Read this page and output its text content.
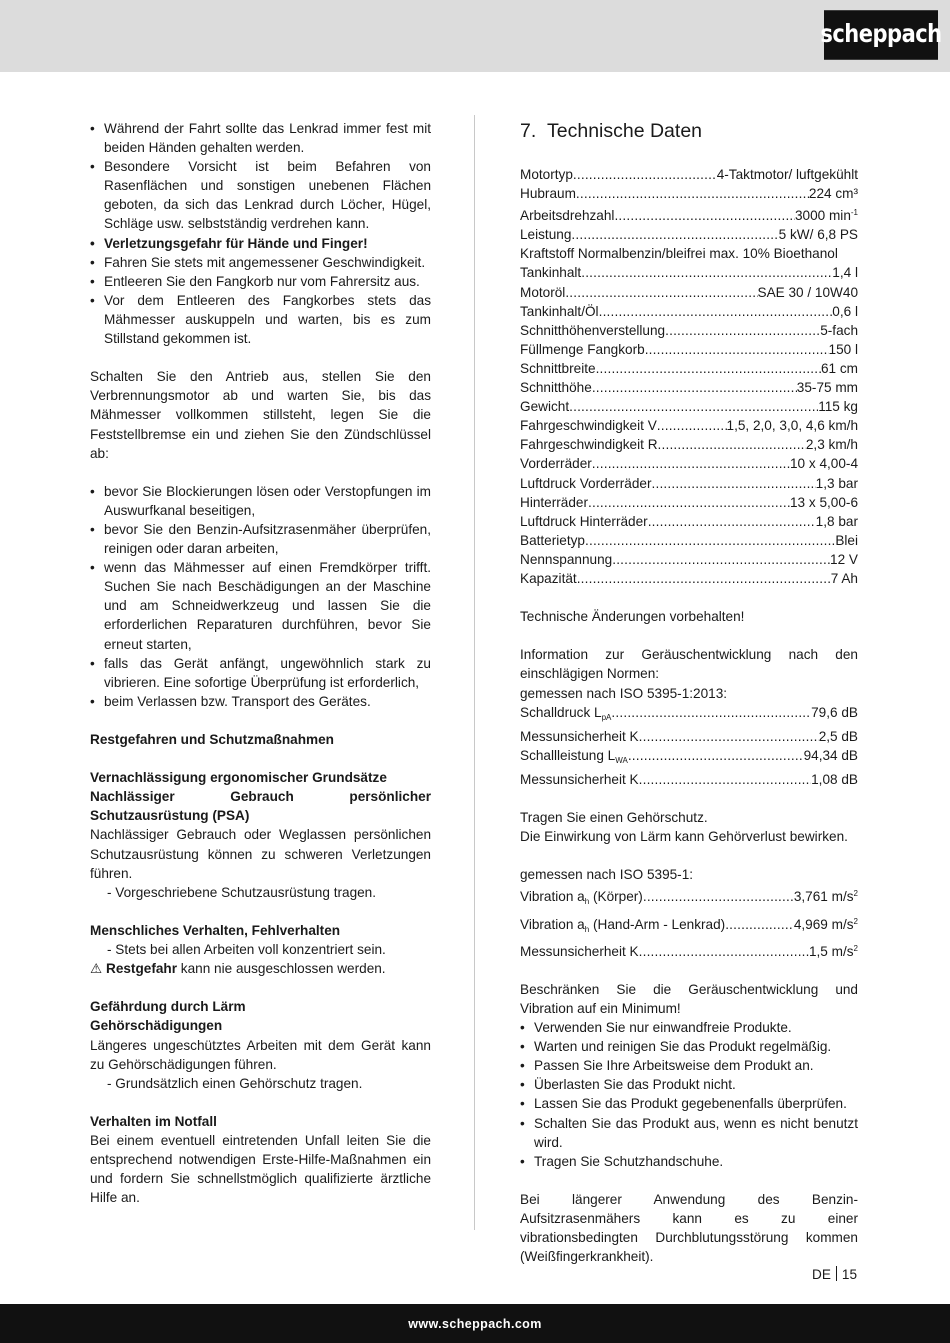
scheppach
• Während der Fahrt sollte das Lenkrad immer fest mit beiden Händen gehalten werden.
• Besondere Vorsicht ist beim Befahren von Rasenflächen und sonstigen unebenen Flächen geboten, da sich das Lenkrad durch Löcher, Hügel, Schläge usw. selbstständig verdrehen kann.
• Verletzungsgefahr für Hände und Finger!
• Fahren Sie stets mit angemessener Geschwindigkeit.
• Entleeren Sie den Fangkorb nur vom Fahrersitz aus.
• Vor dem Entleeren des Fangkorbes stets das Mähmesser auskuppeln und warten, bis es zum Stillstand gekommen ist.

Schalten Sie den Antrieb aus, stellen Sie den Verbrennungsmotor ab und warten Sie, bis das Mähmesser vollkommen stillsteht, legen Sie die Feststellbremse ein und ziehen Sie den Zündschlüssel ab:

• bevor Sie Blockierungen lösen oder Verstopfungen im Auswurfkanal beseitigen,
• bevor Sie den Benzin-Aufsitzrasenmäher überprüfen, reinigen oder daran arbeiten,
• wenn das Mähmesser auf einen Fremdkörper trifft. Suchen Sie nach Beschädigungen an der Maschine und am Schneidwerkzeug und lassen Sie die erforderlichen Reparaturen durchführen, bevor Sie erneut starten,
• falls das Gerät anfängt, ungewöhnlich stark zu vibrieren. Eine sofortige Überprüfung ist erforderlich,
• beim Verlassen bzw. Transport des Gerätes.

Restgefahren und Schutzmaßnahmen

Vernachlässigung ergonomischer Grundsätze

Nachlässiger Gebrauch persönlicher Schutzausrüstung (PSA)

Nachlässiger Gebrauch oder Weglassen persönlichen Schutzausrüstung können zu schweren Verletzungen führen.

- Vorgeschriebene Schutzausrüstung tragen.

Menschliches Verhalten, Fehlverhalten

- Stets bei allen Arbeiten voll konzentriert sein.

⚠ Restgefahr kann nie ausgeschlossen werden.

Gefährdung durch Lärm

Gehörschädigungen

Längeres ungeschütztes Arbeiten mit dem Gerät kann zu Gehörschädigungen führen.

- Grundsätzlich einen Gehörschutz tragen.

Verhalten im Notfall

Bei einem eventuell eintretenden Unfall leiten Sie die entsprechend notwendigen Erste-Hilfe-Maßnahmen ein und fordern Sie schnellstmöglich qualifizierte ärztliche Hilfe an.

7. Technische Daten
Motortyp .....	4-Taktmotor/ luftgekühlt
Hubraum .....	224 cm³
Arbeitsdrehzahl .....	3000 $\min^{-1}$
Leistung .....	5 kW/ 6,8 PS

Kraftstoff Normalbenzin/bleifrei max. 10% Bioethanol

Tankinhalt .....	1,4 l
Motoröl .....	SAE 30 / 10W40
Tankinhalt/Öl .....	0,6 l
Schnitthöhenverstellung .....	5-fach
Füllmenge Fangkorb .....	150 l
Schnittbreite .....	61 cm
Schnitthöhe .....	35-75 mm
Gewicht .....	115 kg
Fahrgeschwindigkeit V .....	1,5, 2,0, 3,0, 4,6 km/h
Fahrgeschwindigkeit R .....	2,3 km/h
Vorderräder .....	10 x 4,00-4
Luftdruck Vorderräder .....	1,3 bar
Hinterräder .....	13 x 5,00-6
Luftdruck Hinterräder .....	1,8 bar
Batterietyp .....	Blei
Nennspannung .....	12 V
Kapazität .....	7 Ah

Technische Änderungen vorbehalten!

Information zur Geräuschentwicklung nach den einschlägigen Normen:

gemessen nach ISO 5395-1:2013:

Schalldruck $L_{pA}$ .....	79,6 dB
Messunsicherheit K .....	2,5 dB
Schallleistung $L_{WA}$ .....	94,34 dB
Messunsicherheit K .....	1,08 dB

Tragen Sie einen Gehörschutz.

Die Einwirkung von Lärm kann Gehörverlust bewirken.

gemessen nach ISO 5395-1:

Vibration $a_h$ (Körper) .....	3,761 $m/s^2$
Vibration $a_h$ (Hand-Arm - Lenkrad) .....	4,969 $m/s^2$
Messunsicherheit K .....	1,5 $m/s^2$

Beschränken Sie die Geräuschentwicklung und Vibration auf ein Minimum!

• Verwenden Sie nur einwandfreie Produkte.
• Warten und reinigen Sie das Produkt regelmäßig.
• Passen Sie Ihre Arbeitsweise dem Produkt an.
• Überlasten Sie das Produkt nicht.
• Lassen Sie das Produkt gegebenenfalls überprüfen.
• Schalten Sie das Produkt aus, wenn es nicht benutzt wird.
• Tragen Sie Schutzhandschuhe.

Bei längerer Anwendung des Benzin-Aufsitzrasenmähers kann es zu einer vibrationsbedingten Durchblutungsstörung kommen (Weißfingerkrankheit).

DE 15
www.scheppach.com
